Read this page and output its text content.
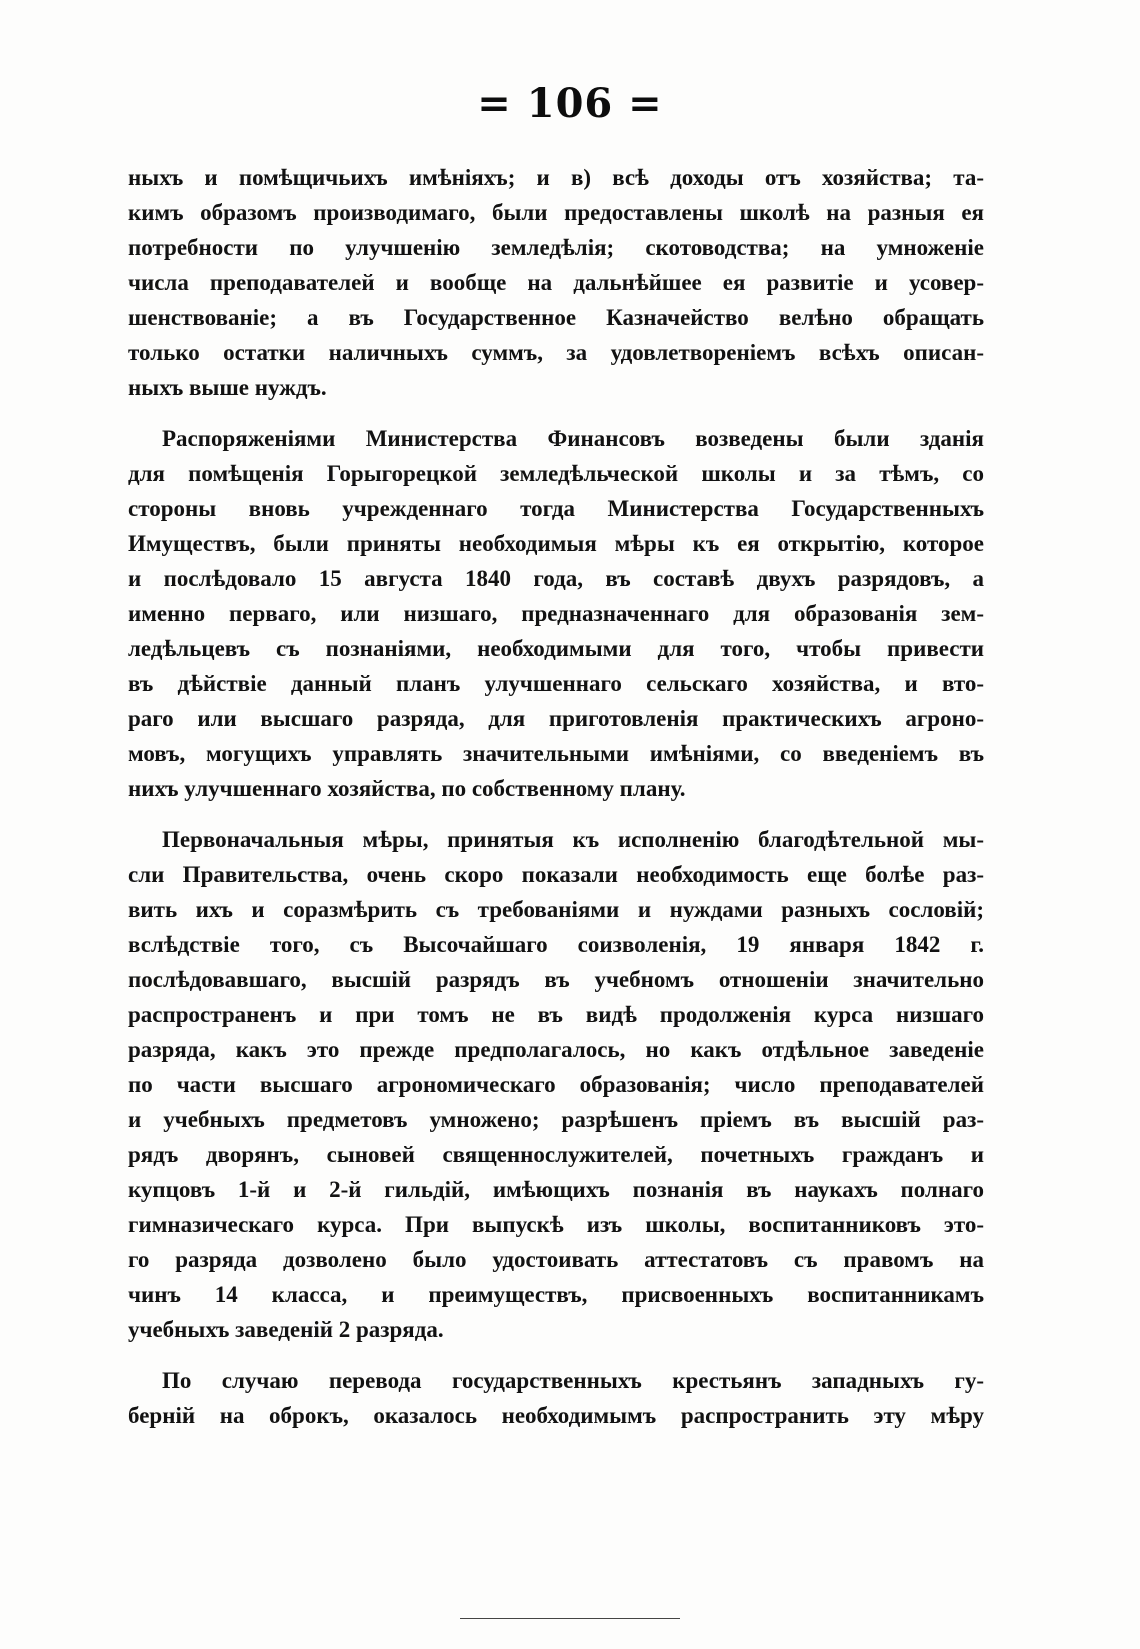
= 106 =
ныхъ и помѣщичьихъ имѣніяхъ; и в) всѣ доходы отъ хозяйства; та-
кимъ образомъ производимаго, были предоставлены школѣ на разныя ея
потребности по улучшенію земледѣлія; скотоводства; на умноженіе
числа преподавателей и вообще на дальнѣйшее ея развитіе и усовер-
шенствованіе; а въ Государственное Казначейство велѣно обращать
только остатки наличныхъ суммъ, за удовлетвореніемъ всѣхъ описан-
ныхъ выше нуждъ.
Распоряженіями Министерства Финансовъ возведены были зданія
для помѣщенія Горыгорецкой земледѣльческой школы и за тѣмъ, со
стороны вновь учрежденнаго тогда Министерства Государственныхъ
Имуществъ, были приняты необходимыя мѣры къ ея открытію, которое
и послѣдовало 15 августа 1840 года, въ составѣ двухъ разрядовъ, а
именно перваго, или низшаго, предназначеннаго для образованія зем-
ледѣльцевъ съ познаніями, необходимыми для того, чтобы привести
въ дѣйствіе данный планъ улучшеннаго сельскаго хозяйства, и вто-
раго или высшаго разряда, для приготовленія практическихъ агроно-
мовъ, могущихъ управлять значительными имѣніями, со введеніемъ въ
нихъ улучшеннаго хозяйства, по собственному плану.
Первоначальныя мѣры, принятыя къ исполненію благодѣтельной мы-
сли Правительства, очень скоро показали необходимость еще болѣе раз-
вить ихъ и соразмѣрить съ требованіями и нуждами разныхъ сословій;
вслѣдствіе того, съ Высочайшаго соизволенія, 19 января 1842 г.
послѣдовавшаго, высшій разрядъ въ учебномъ отношеніи значительно
распространенъ и при томъ не въ видѣ продолженія курса низшаго
разряда, какъ это прежде предполагалось, но какъ отдѣльное заведеніе
по части высшаго агрономическаго образованія; число преподавателей
и учебныхъ предметовъ умножено; разрѣшенъ пріемъ въ высшій раз-
рядъ дворянъ, сыновей священнослужителей, почетныхъ гражданъ и
купцовъ 1-й и 2-й гильдій, имѣющихъ познанія въ наукахъ полнаго
гимназическаго курса. При выпускѣ изъ школы, воспитанниковъ это-
го разряда дозволено было удостоивать аттестатовъ съ правомъ на
чинъ 14 класса, и преимуществъ, присвоенныхъ воспитанникамъ
учебныхъ заведеній 2 разряда.
По случаю перевода государственныхъ крестьянъ западныхъ гу-
берній на оброкъ, оказалось необходимымъ распространить эту мѣру
